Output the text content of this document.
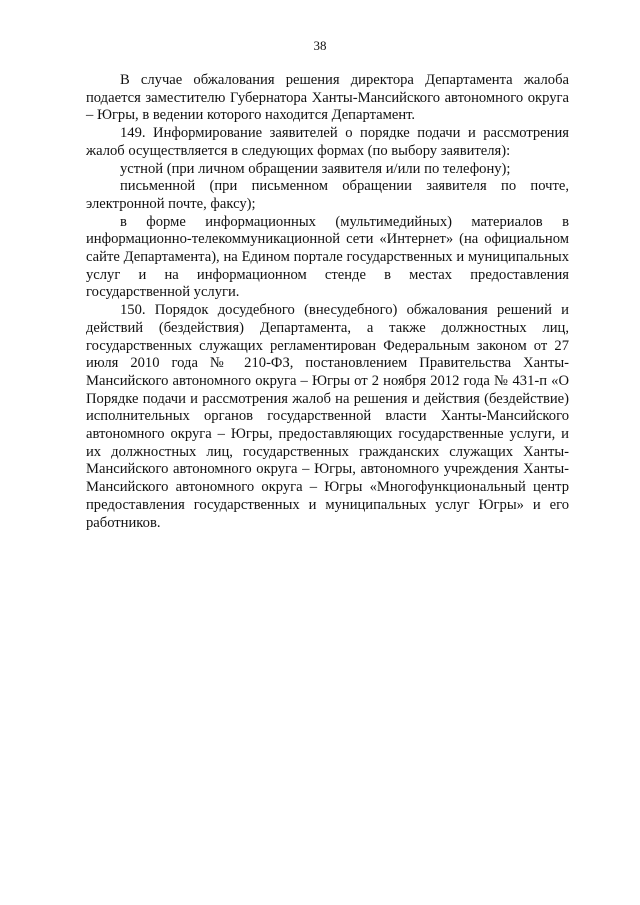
38

В случае обжалования решения директора Департамента жалоба подается заместителю Губернатора Ханты-Мансийского автономного округа – Югры, в ведении которого находится Департамент.

149. Информирование заявителей о порядке подачи и рассмотрения жалоб осуществляется в следующих формах (по выбору заявителя):

устной (при личном обращении заявителя и/или по телефону);

письменной (при письменном обращении заявителя по почте, электронной почте, факсу);

в форме информационных (мультимедийных) материалов в информационно-телекоммуникационной сети «Интернет» (на официальном сайте Департамента), на Едином портале государственных и муниципальных услуг и на информационном стенде в местах предоставления государственной услуги.

150. Порядок досудебного (внесудебного) обжалования решений и действий (бездействия) Департамента, а также должностных лиц, государственных служащих регламентирован Федеральным законом от 27 июля 2010 года № 210-ФЗ, постановлением Правительства Ханты-Мансийского автономного округа – Югры от 2 ноября 2012 года № 431-п «О Порядке подачи и рассмотрения жалоб на решения и действия (бездействие) исполнительных органов государственной власти Ханты-Мансийского автономного округа – Югры, предоставляющих государственные услуги, и их должностных лиц, государственных гражданских служащих Ханты-Мансийского автономного округа – Югры, автономного учреждения Ханты-Мансийского автономного округа – Югры «Многофункциональный центр предоставления государственных и муниципальных услуг Югры» и его работников.
